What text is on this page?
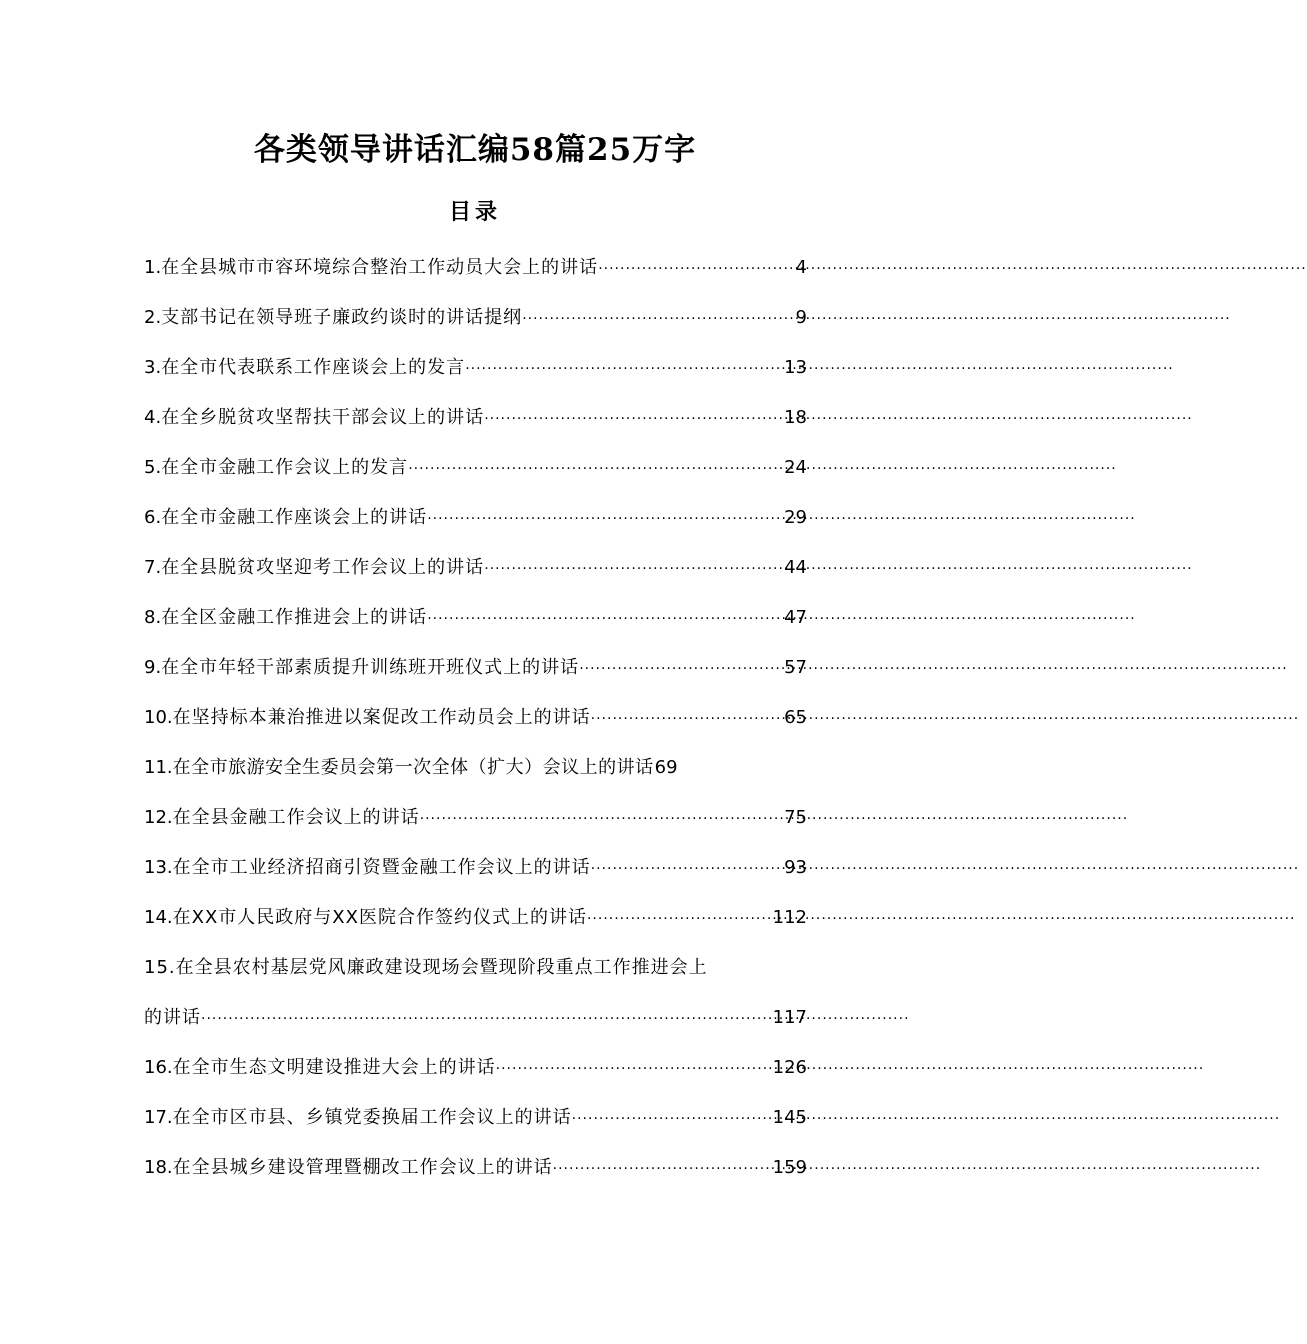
各类领导讲话汇编58篇25万字
目录
1. 在全县城市市容环境综合整治工作动员大会上的讲话 ·····	4
2. 支部书记在领导班子廉政约谈时的讲话提纲 ·····	9
3. 在全市代表联系工作座谈会上的发言 ·····	13
4. 在全乡脱贫攻坚帮扶干部会议上的讲话 ·····	18
5. 在全市金融工作会议上的发言 ·····	24
6. 在全市金融工作座谈会上的讲话 ·····	29
7. 在全县脱贫攻坚迎考工作会议上的讲话 ·····	44
8. 在全区金融工作推进会上的讲话 ·····	47
9. 在全市年轻干部素质提升训练班开班仪式上的讲话 ·····	57
10. 在坚持标本兼治推进以案促改工作动员会上的讲话 ·····	65
11. 在全市旅游安全生委员会第一次全体（扩大）会议上的讲话 69
12. 在全县金融工作会议上的讲话 ·····	75
13. 在全市工业经济招商引资暨金融工作会议上的讲话 ·····	93
14. 在XX市人民政府与XX医院合作签约仪式上的讲话 ·····	112
15.在全县农村基层党风廉政建设现场会暨现阶段重点工作推进会上
的讲话 ·····	117
16. 在全市生态文明建设推进大会上的讲话 ·····	126
17. 在全市区市县、乡镇党委换届工作会议上的讲话 ·····	145
18. 在全县城乡建设管理暨棚改工作会议上的讲话 ·····	159
